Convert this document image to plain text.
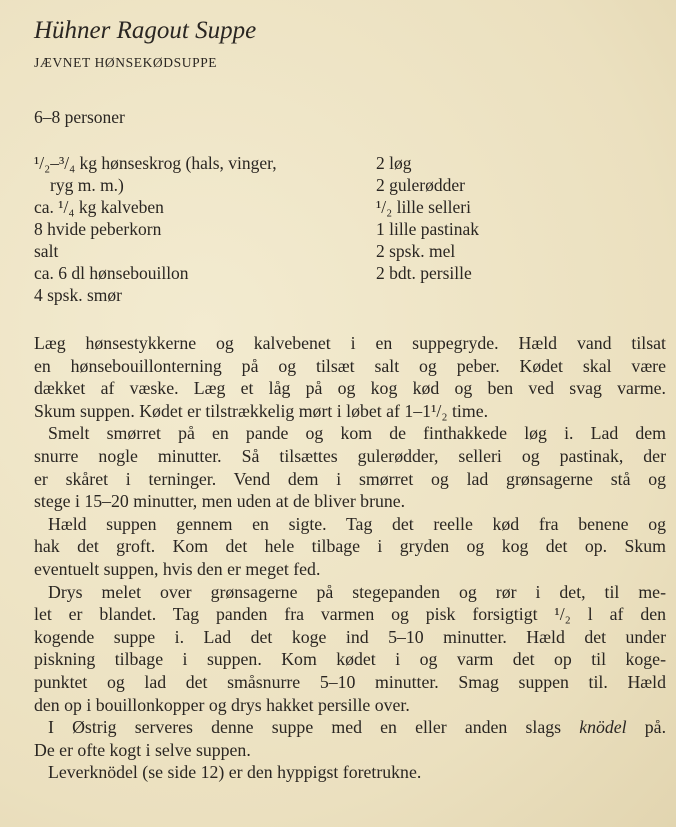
Hühner Ragout Suppe
JÆVNET HØNSEKØDSUPPE
6–8 personer
¹/₂–³/₄ kg hønseskrog (hals, vinger,
ryg m. m.)
ca. ¹/₄ kg kalveben
8 hvide peberkorn
salt
ca. 6 dl hønsebouillon
4 spsk. smør
2 løg
2 gulerødder
¹/₂ lille selleri
1 lille pastinak
2 spsk. mel
2 bdt. persille
Læg hønsestykkerne og kalvebenet i en suppegryde. Hæld vand tilsat
en hønsebouillonterning på og tilsæt salt og peber. Kødet skal være
dækket af væske. Læg et låg på og kog kød og ben ved svag varme.
Skum suppen. Kødet er tilstrækkelig mørt i løbet af 1–1¹/₂ time.
Smelt smørret på en pande og kom de finthakkede løg i. Lad dem
snurre nogle minutter. Så tilsættes gulerødder, selleri og pastinak, der
er skåret i terninger. Vend dem i smørret og lad grønsagerne stå og
stege i 15–20 minutter, men uden at de bliver brune.
Hæld suppen gennem en sigte. Tag det reelle kød fra benene og
hak det groft. Kom det hele tilbage i gryden og kog det op. Skum
eventuelt suppen, hvis den er meget fed.
Drys melet over grønsagerne på stegepanden og rør i det, til me-
let er blandet. Tag panden fra varmen og pisk forsigtigt ¹/₂ l af den
kogende suppe i. Lad det koge ind 5–10 minutter. Hæld det under
piskning tilbage i suppen. Kom kødet i og varm det op til koge-
punktet og lad det småsnurre 5–10 minutter. Smag suppen til. Hæld
den op i bouillonkopper og drys hakket persille over.
I Østrig serveres denne suppe med en eller anden slags knödel på.
De er ofte kogt i selve suppen.
Leverknödel (se side 12) er den hyppigst foretrukne.
